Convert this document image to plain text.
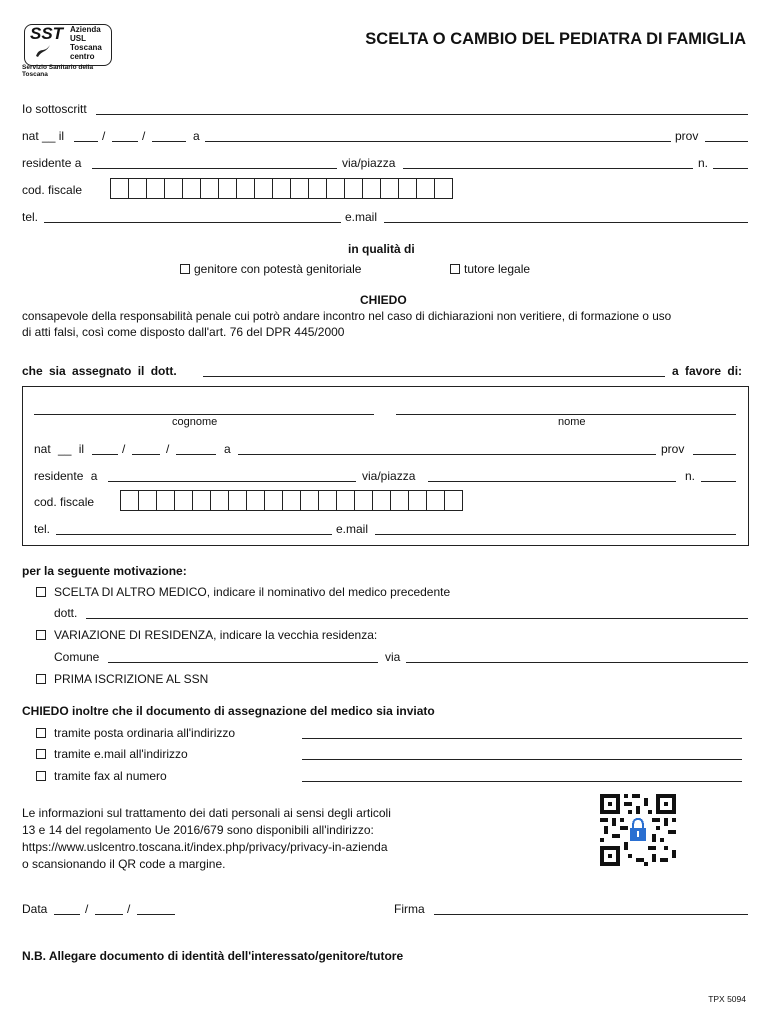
SST Azienda
USL
Toscana
centro
Servizio Sanitario della Toscana
SCELTA O CAMBIO DEL PEDIATRA DI FAMIGLIA
Io sottoscritt
nat __ il	/	/	a	prov
residente a	via/piazza	n.
cod. fiscale
tel.	e.mail
in qualità di
genitore con potestà genitoriale	tutore legale
CHIEDO
consapevole della responsabilità penale cui potrò andare incontro nel caso di dichiarazioni non veritiere, di formazione o uso
di atti falsi, così come disposto dall'art. 76 del DPR 445/2000
che sia assegnato il dott.	a favore di:
cognome	nome
nat __ il	/	/	a	prov
residente a	via/piazza	n.
cod. fiscale
tel.	e.mail
per la seguente motivazione:
SCELTA DI ALTRO MEDICO, indicare il nominativo del medico precedente
dott.
VARIAZIONE DI RESIDENZA, indicare la vecchia residenza:
Comune	via
PRIMA ISCRIZIONE AL SSN
CHIEDO inoltre che il documento di assegnazione del medico sia inviato
tramite posta ordinaria all'indirizzo
tramite e.mail all'indirizzo
tramite fax al numero
Le informazioni sul trattamento dei dati personali ai sensi degli articoli
13 e 14 del regolamento Ue 2016/679 sono disponibili all'indirizzo:
https://www.uslcentro.toscana.it/index.php/privacy/privacy-in-azienda
o scansionando il QR code a margine.
Data	/	/	Firma
N.B. Allegare documento di identità dell'interessato/genitore/tutore
TPX 5094
